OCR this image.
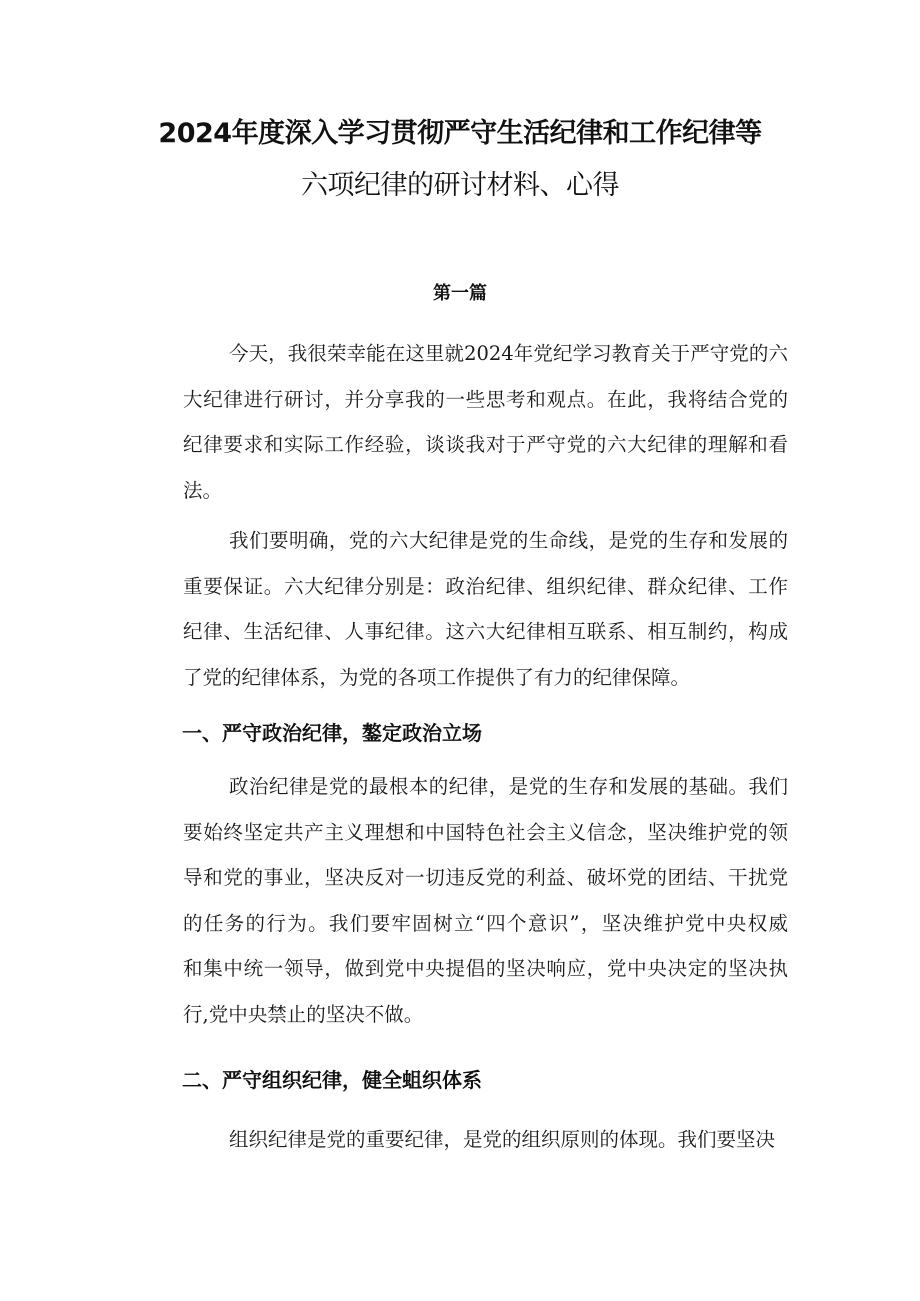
2024年度深入学习贯彻严守生活纪律和工作纪律等
六项纪律的研讨材料、心得
第一篇
今天，我很荣幸能在这里就2024年党纪学习教育关于严守党的六
大纪律进行研讨，并分享我的一些思考和观点。在此，我将结合党的
纪律要求和实际工作经验，谈谈我对于严守党的六大纪律的理解和看
法。
我们要明确，党的六大纪律是党的生命线，是党的生存和发展的
重要保证。六大纪律分别是：政治纪律、组织纪律、群众纪律、工作
纪律、生活纪律、人事纪律。这六大纪律相互联系、相互制约，构成
了党的纪律体系，为党的各项工作提供了有力的纪律保障。
一、严守政治纪律，鏊定政治立场
政治纪律是党的最根本的纪律，是党的生存和发展的基础。我们
要始终坚定共产主义理想和中国特色社会主义信念，坚决维护党的领
导和党的事业，坚决反对一切违反党的利益、破坏党的团结、干扰党
的任务的行为。我们要牢固树立“四个意识”，坚决维护党中央权威
和集中统一领导，做到党中央提倡的坚决响应，党中央决定的坚决执
行,党中央禁止的坚决不做。
二、严守组织纪律，健全蛆织体系
组织纪律是党的重要纪律，是党的组织原则的体现。我们要坚决
